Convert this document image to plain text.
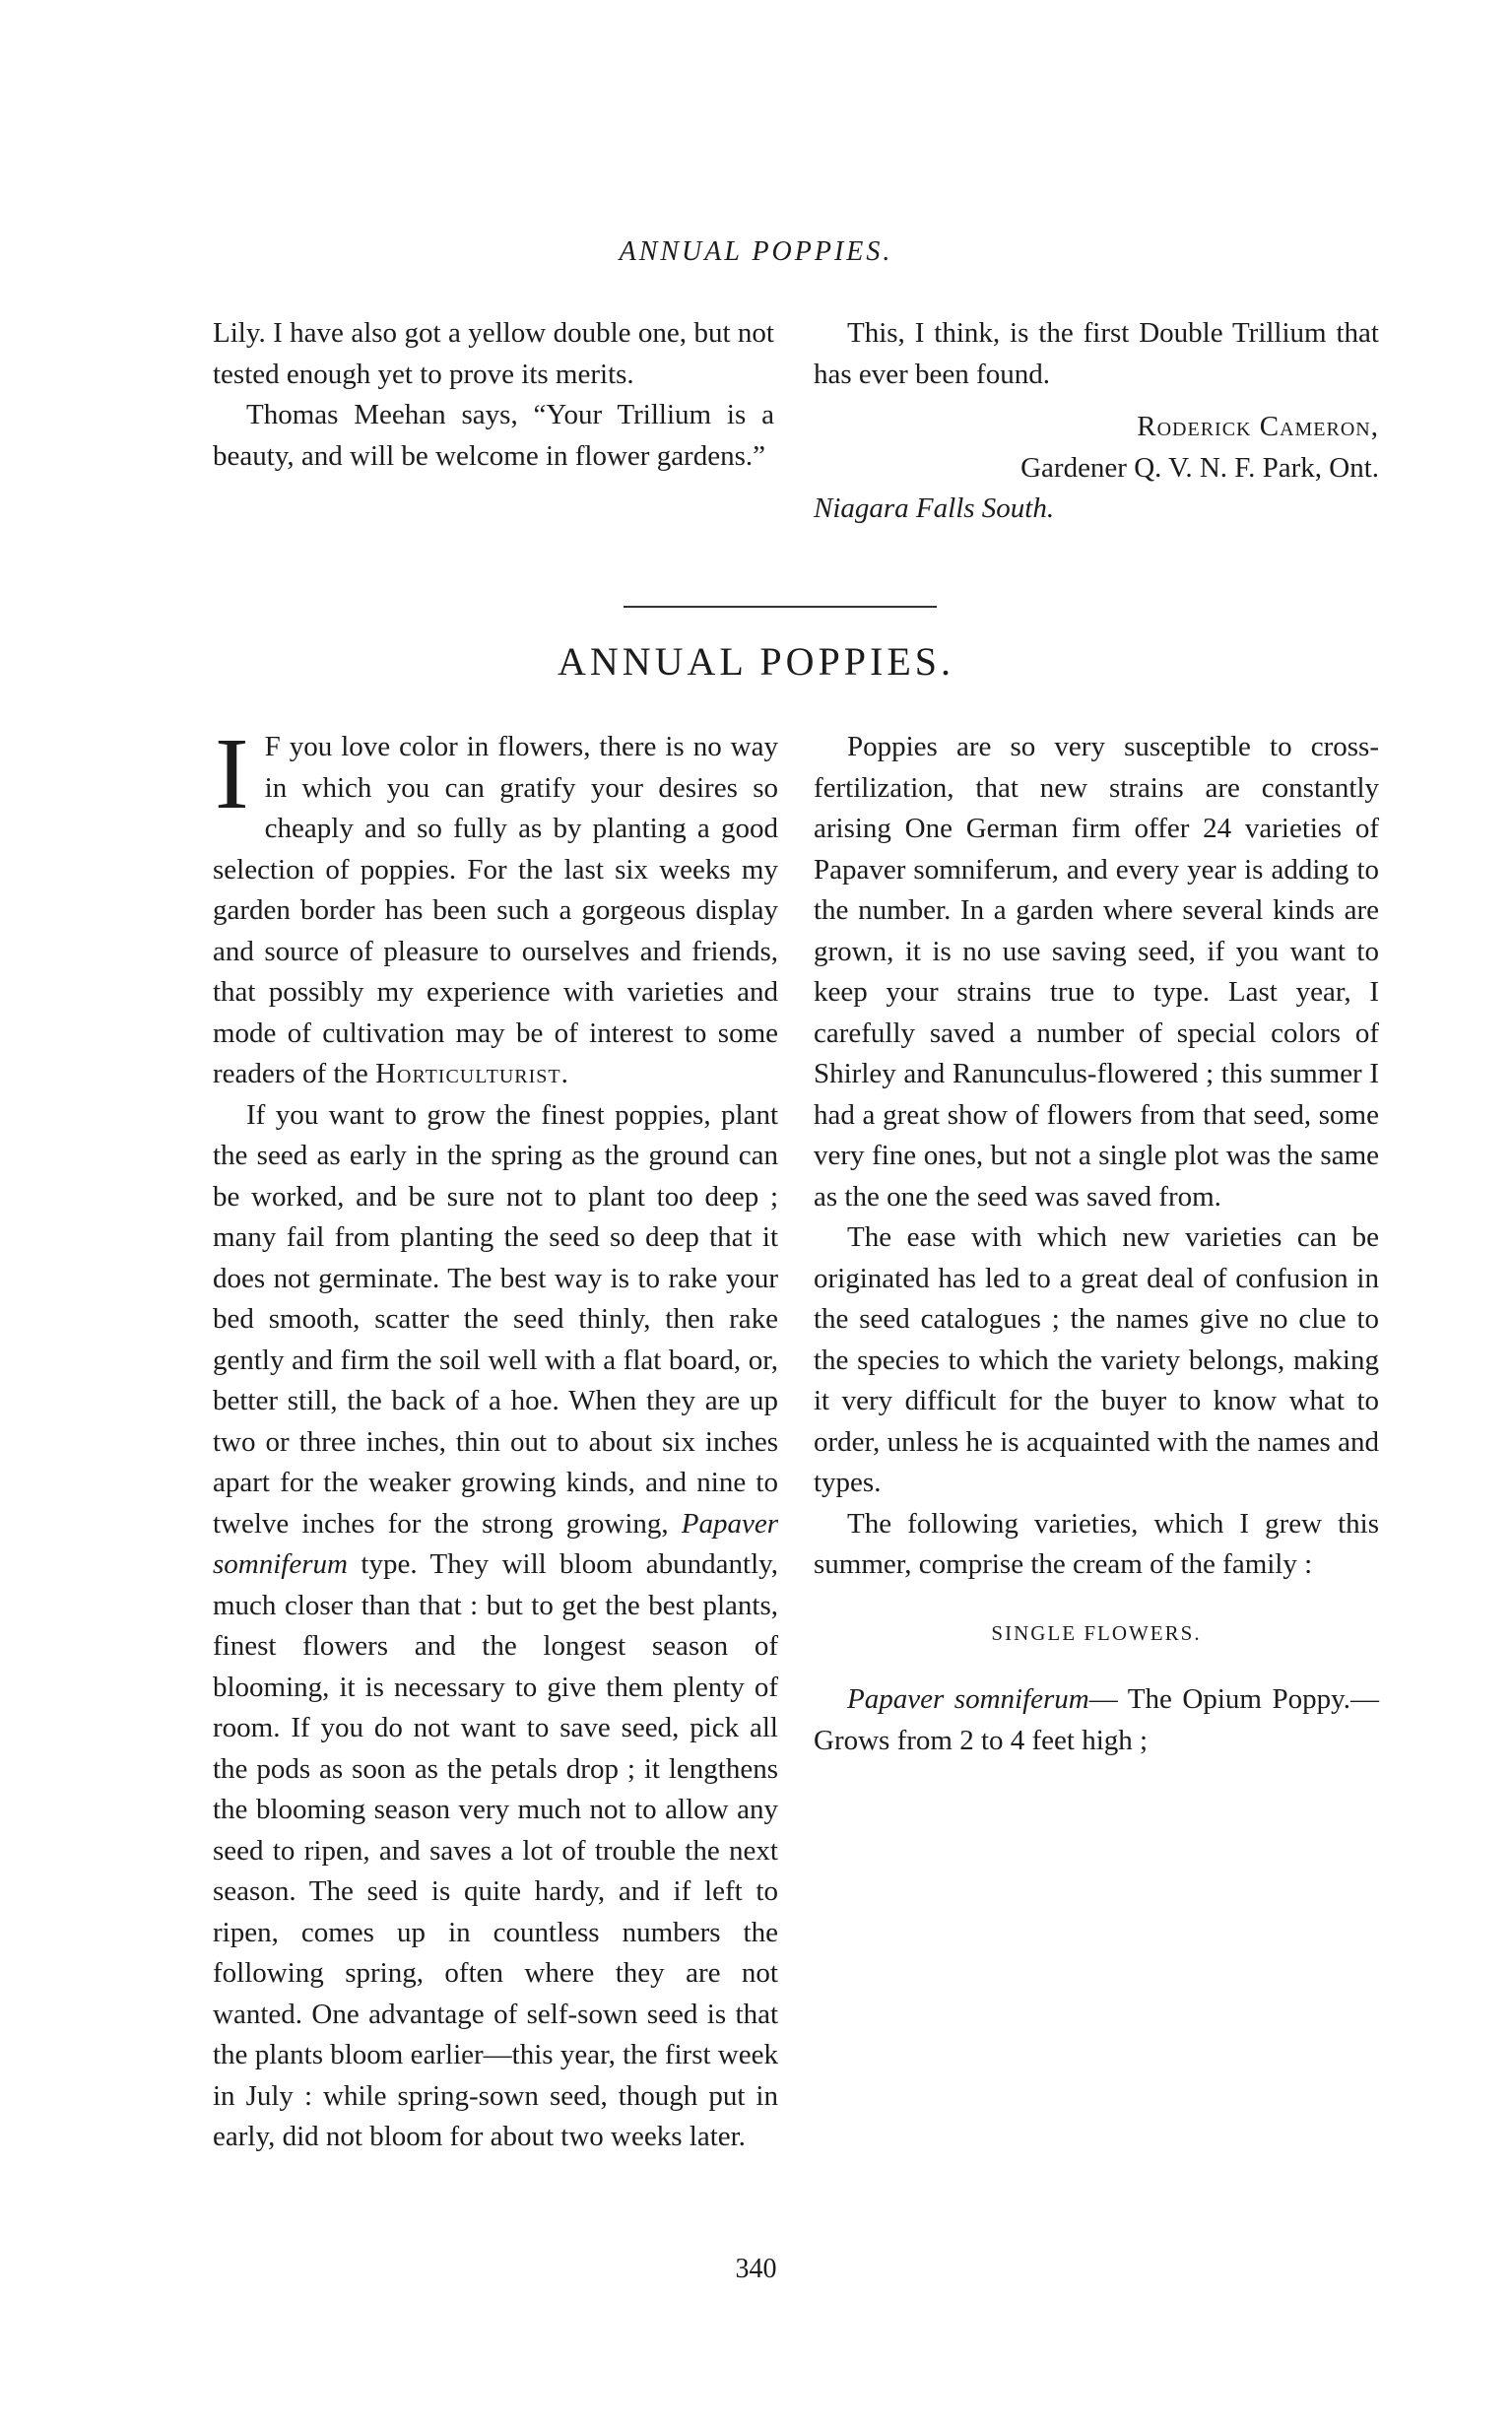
ANNUAL POPPIES.

Lily. I have also got a yellow double one, but not tested enough yet to prove its merits.

Thomas Meehan says, “Your Trillium is a beauty, and will be welcome in flower gardens.”

This, I think, is the first Double Trillium that has ever been found.

Roderick Cameron,

Gardener Q. V. N. F. Park, Ont.

Niagara Falls South.

ANNUAL POPPIES.

I F you love color in flowers, there is no way in which you can gratify your desires so cheaply and so fully as by planting a good selection of poppies. For the last six weeks my garden border has been such a gorgeous display and source of pleasure to ourselves and friends, that possibly my experience with varieties and mode of cultivation may be of interest to some readers of the Horticulturist.

If you want to grow the finest poppies, plant the seed as early in the spring as the ground can be worked, and be sure not to plant too deep ; many fail from planting the seed so deep that it does not germinate. The best way is to rake your bed smooth, scatter the seed thinly, then rake gently and firm the soil well with a flat board, or, better still, the back of a hoe. When they are up two or three inches, thin out to about six inches apart for the weaker growing kinds, and nine to twelve inches for the strong growing, Papaver somniferum type. They will bloom abundantly, much closer than that : but to get the best plants, finest flowers and the longest season of blooming, it is necessary to give them plenty of room. If you do not want to save seed, pick all the pods as soon as the petals drop ; it lengthens the blooming season very much not to allow any seed to ripen, and saves a lot of trouble the next season. The seed is quite hardy, and if left to ripen, comes up in countless numbers the following spring, often where they are not wanted. One advantage of self-sown seed is that the plants bloom earlier—this year, the first week in July : while spring-sown seed, though put in early, did not bloom for about two weeks later.

Poppies are so very susceptible to cross-fertilization, that new strains are constantly arising One German firm offer 24 varieties of Papaver somniferum, and every year is adding to the number. In a garden where several kinds are grown, it is no use saving seed, if you want to keep your strains true to type. Last year, I carefully saved a number of special colors of Shirley and Ranunculus-flowered ; this summer I had a great show of flowers from that seed, some very fine ones, but not a single plot was the same as the one the seed was saved from.

The ease with which new varieties can be originated has led to a great deal of confusion in the seed catalogues ; the names give no clue to the species to which the variety belongs, making it very difficult for the buyer to know what to order, unless he is acquainted with the names and types.

The following varieties, which I grew this summer, comprise the cream of the family :

SINGLE FLOWERS.

Papaver somniferum— The Opium Poppy.—Grows from 2 to 4 feet high ;

340
